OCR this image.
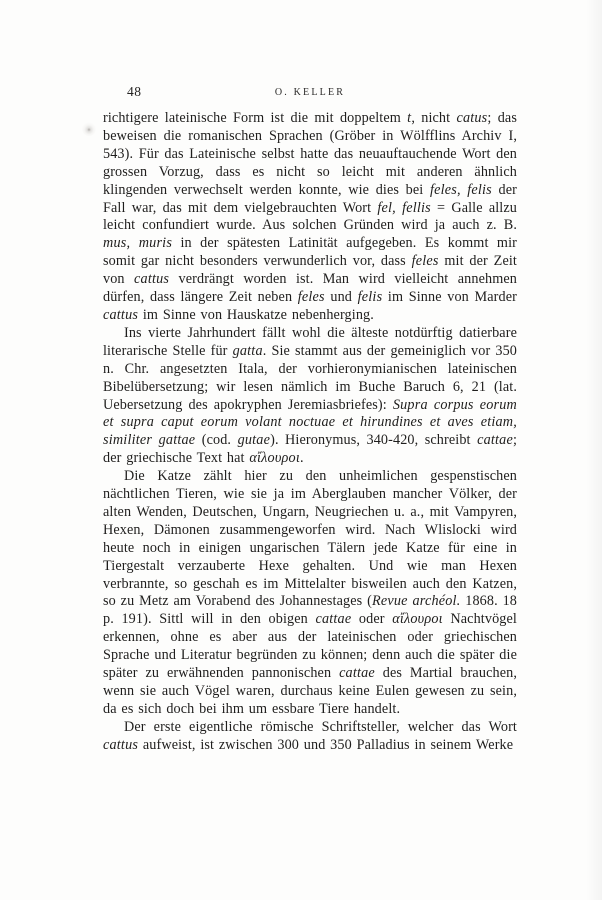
48	O. KELLER

richtigere lateinische Form ist die mit doppeltem t, nicht catus; das beweisen die romanischen Sprachen (Gröber in Wölfflins Archiv I, 543). Für das Lateinische selbst hatte das neuauftauchende Wort den grossen Vorzug, dass es nicht so leicht mit anderen ähnlich klingenden verwechselt werden konnte, wie dies bei feles, felis der Fall war, das mit dem vielgebrauchten Wort fel, fellis = Galle allzu leicht confundiert wurde. Aus solchen Gründen wird ja auch z. B. mus, muris in der spätesten Latinität aufgegeben. Es kommt mir somit gar nicht besonders verwunderlich vor, dass feles mit der Zeit von cattus verdrängt worden ist. Man wird vielleicht annehmen dürfen, dass längere Zeit neben feles und felis im Sinne von Marder cattus im Sinne von Hauskatze nebenherging.

Ins vierte Jahrhundert fällt wohl die älteste notdürftig datierbare literarische Stelle für gatta. Sie stammt aus der gemeiniglich vor 350 n. Chr. angesetzten Itala, der vorhieronymianischen lateinischen Bibelübersetzung; wir lesen nämlich im Buche Baruch 6, 21 (lat. Uebersetzung des apokryphen Jeremiasbriefes): Supra corpus eorum et supra caput eorum volant noctuae et hirundines et aves etiam, similiter gattae (cod. gutae). Hieronymus, 340-420, schreibt cattae; der griechische Text hat αἴλουροι.

Die Katze zählt hier zu den unheimlichen gespenstischen nächtlichen Tieren, wie sie ja im Aberglauben mancher Völker, der alten Wenden, Deutschen, Ungarn, Neugriechen u. a., mit Vampyren, Hexen, Dämonen zusammengeworfen wird. Nach Wlislocki wird heute noch in einigen ungarischen Tälern jede Katze für eine in Tiergestalt verzauberte Hexe gehalten. Und wie man Hexen verbrannte, so geschah es im Mittelalter bisweilen auch den Katzen, so zu Metz am Vorabend des Johannestages (Revue archéol. 1868. 18 p. 191). Sittl will in den obigen cattae oder αἴλουροι Nachtvögel erkennen, ohne es aber aus der lateinischen oder griechischen Sprache und Literatur begründen zu können; denn auch die später die später zu erwähnenden pannonischen cattae des Martial brauchen, wenn sie auch Vögel waren, durchaus keine Eulen gewesen zu sein, da es sich doch bei ihm um essbare Tiere handelt.

Der erste eigentliche römische Schriftsteller, welcher das Wort cattus aufweist, ist zwischen 300 und 350 Palladius in seinem Werke
